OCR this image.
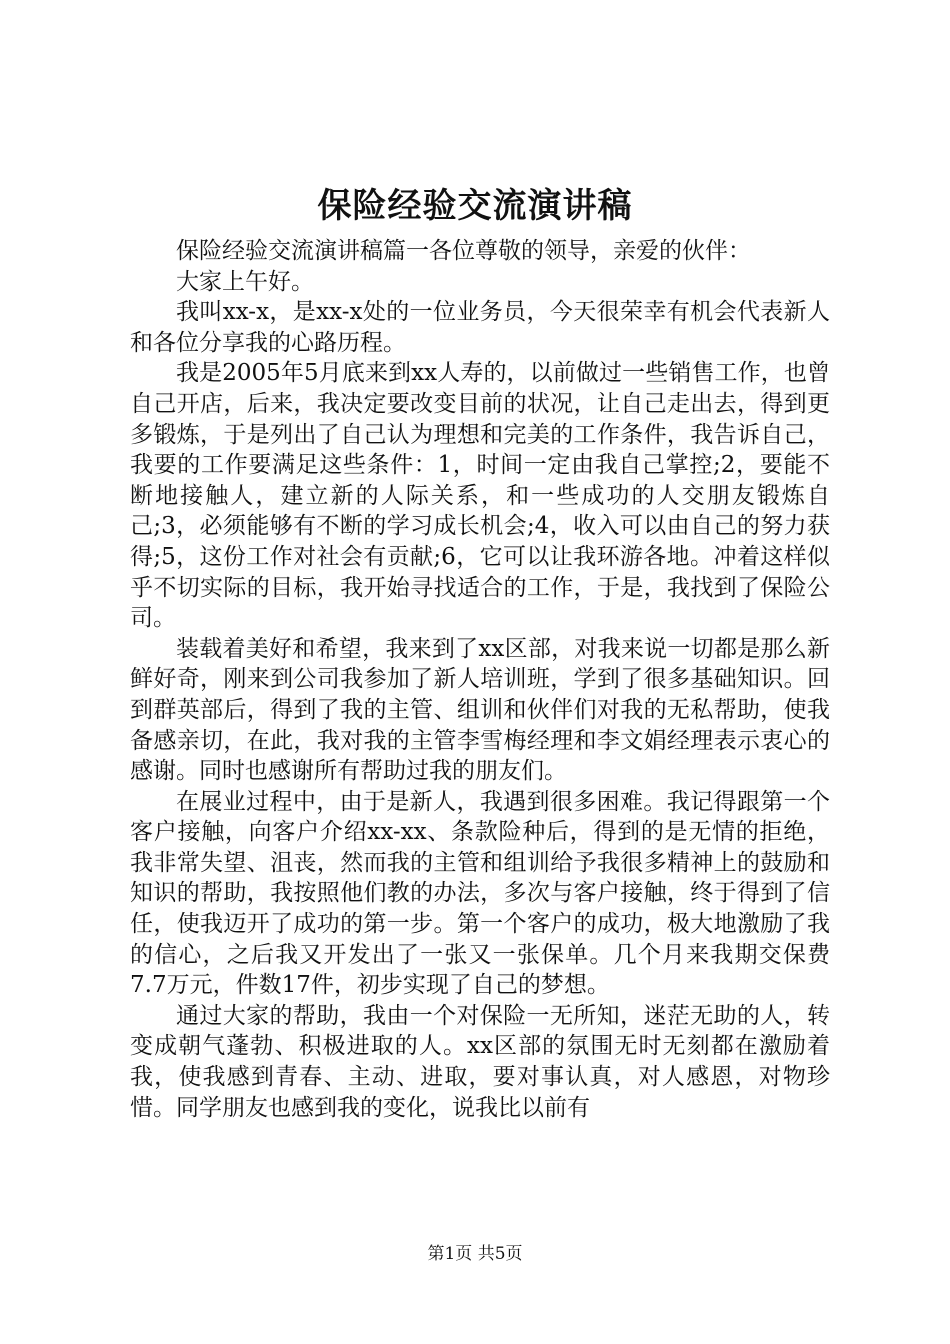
保险经验交流演讲稿

保险经验交流演讲稿篇一各位尊敬的领导，亲爱的伙伴：

大家上午好。

我叫xx-x，是xx-x处的一位业务员，今天很荣幸有机会代表新人和各位分享我的心路历程。

我是2005年5月底来到xx人寿的，以前做过一些销售工作，也曾自己开店，后来，我决定要改变目前的状况，让自己走出去，得到更多锻炼，于是列出了自己认为理想和完美的工作条件，我告诉自己，我要的工作要满足这些条件：1，时间一定由我自己掌控;2，要能不断地接触人，建立新的人际关系，和一些成功的人交朋友锻炼自己;3，必须能够有不断的学习成长机会;4，收入可以由自己的努力获得;5，这份工作对社会有贡献;6，它可以让我环游各地。冲着这样似乎不切实际的目标，我开始寻找适合的工作，于是，我找到了保险公司。

装载着美好和希望，我来到了xx区部，对我来说一切都是那么新鲜好奇，刚来到公司我参加了新人培训班，学到了很多基础知识。回到群英部后，得到了我的主管、组训和伙伴们对我的无私帮助，使我备感亲切，在此，我对我的主管李雪梅经理和李文娟经理表示衷心的感谢。同时也感谢所有帮助过我的朋友们。

在展业过程中，由于是新人，我遇到很多困难。我记得跟第一个客户接触，向客户介绍xx-xx、条款险种后，得到的是无情的拒绝，我非常失望、沮丧，然而我的主管和组训给予我很多精神上的鼓励和知识的帮助，我按照他们教的办法，多次与客户接触，终于得到了信任，使我迈开了成功的第一步。第一个客户的成功，极大地激励了我的信心，之后我又开发出了一张又一张保单。几个月来我期交保费7.7万元，件数17件，初步实现了自己的梦想。

通过大家的帮助，我由一个对保险一无所知，迷茫无助的人，转变成朝气蓬勃、积极进取的人。xx区部的氛围无时无刻都在激励着我，使我感到青春、主动、进取，要对事认真，对人感恩，对物珍惜。同学朋友也感到我的变化，说我比以前有

第1页 共5页
